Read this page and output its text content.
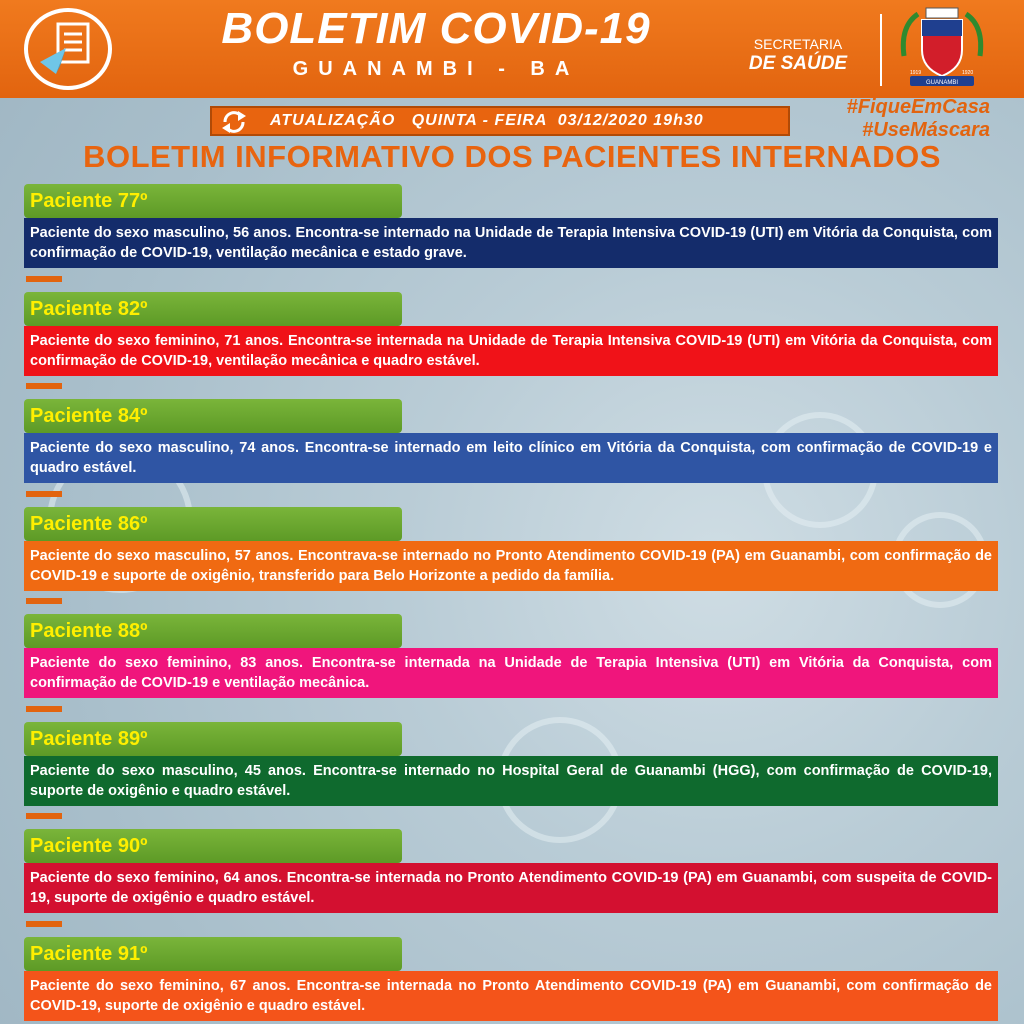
BOLETIM COVID-19
GUANAMBI - BA
SECRETARIA
DE SAÚDE
GUANAMBI
1919	1920
ATUALIZAÇÃO   QUINTA - FEIRA  03/12/2020 19h30
#FiqueEmCasa
#UseMáscara
BOLETIM INFORMATIVO DOS PACIENTES INTERNADOS
Paciente 77º
Paciente do sexo masculino, 56 anos. Encontra-se internado na Unidade de Terapia Intensiva COVID-19 (UTI) em Vitória da Conquista, com confirmação de COVID-19, ventilação mecânica e estado grave.
Paciente 82º
Paciente do sexo feminino, 71 anos. Encontra-se internada na Unidade de Terapia Intensiva COVID-19 (UTI) em Vitória da Conquista, com confirmação de COVID-19, ventilação mecânica e quadro estável.
Paciente 84º
Paciente do sexo masculino, 74 anos. Encontra-se internado em leito clínico em Vitória da Conquista, com confirmação de COVID-19 e quadro estável.
Paciente 86º
Paciente do sexo masculino, 57 anos. Encontrava-se internado no Pronto Atendimento COVID-19 (PA) em Guanambi, com confirmação de COVID-19 e suporte de oxigênio, transferido para Belo Horizonte a pedido da família.
Paciente 88º
Paciente do sexo feminino, 83 anos. Encontra-se internada na Unidade de Terapia Intensiva (UTI) em Vitória da Conquista, com confirmação de COVID-19 e ventilação mecânica.
Paciente 89º
Paciente do sexo masculino, 45 anos. Encontra-se internado no Hospital Geral de Guanambi (HGG), com confirmação de COVID-19, suporte de oxigênio e quadro estável.
Paciente 90º
Paciente do sexo feminino, 64 anos. Encontra-se internada no Pronto Atendimento COVID-19 (PA) em Guanambi, com suspeita de COVID-19, suporte de oxigênio e quadro estável.
Paciente 91º
Paciente do sexo feminino, 67 anos. Encontra-se internada no Pronto Atendimento COVID-19 (PA) em Guanambi, com confirmação de COVID-19, suporte de oxigênio e quadro estável.
